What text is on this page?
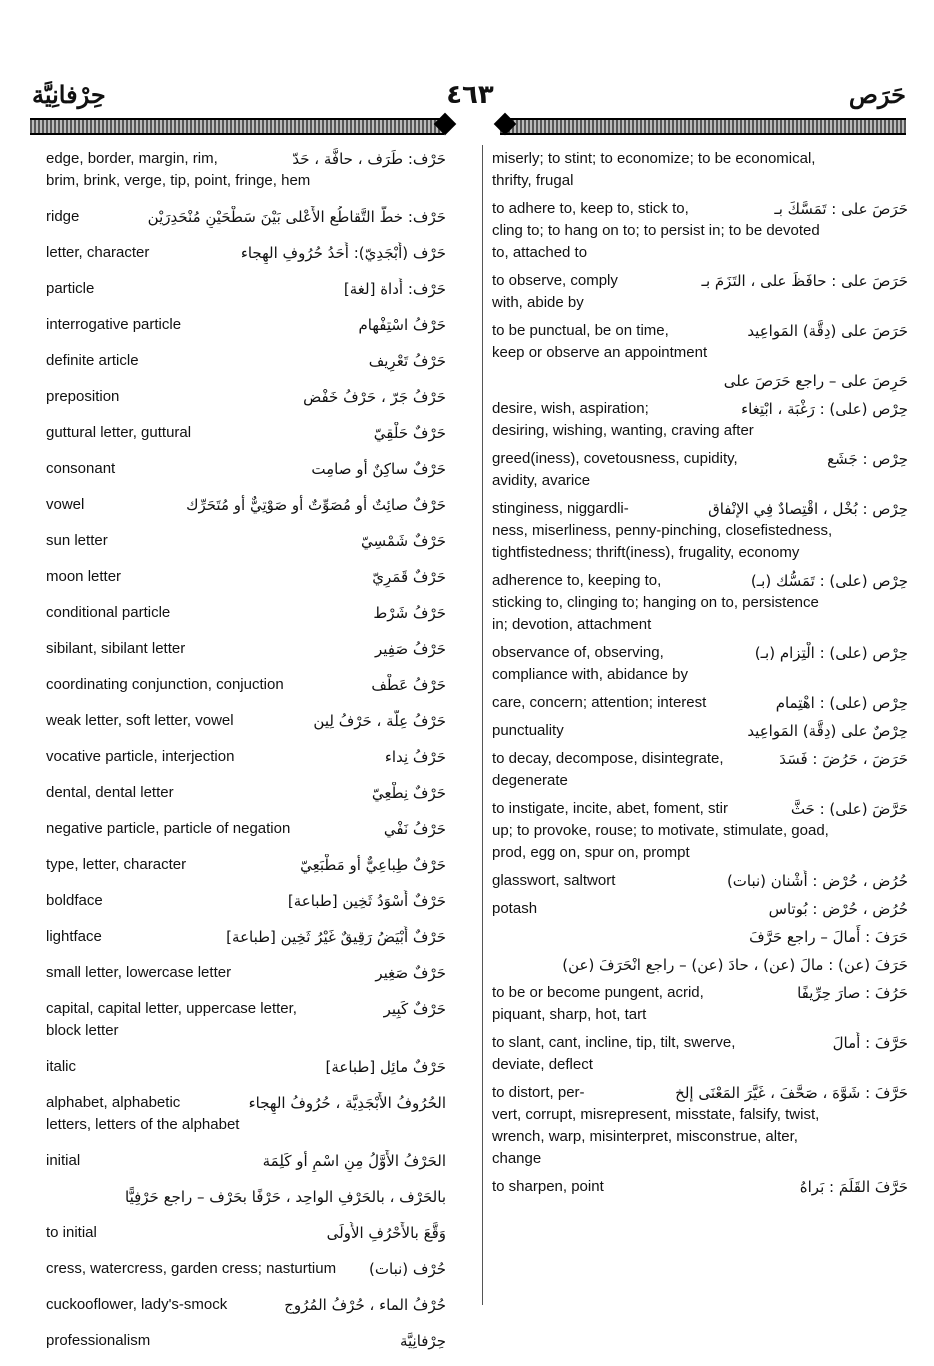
حَرَص
٤٦٣
حِرْفانِيَّة
حَرْف: طَرَف ، حافَّة ، حَدّ
edge, border, margin, rim,
brim, brink, verge, tip, point, fringe, hem
حَرْف: خطُّ التَّقاطُع الأَعْلى بَيْنَ سَطْحَيْنِ مُنْحَدِرَيْن
ridge
حَرْف (أَبْجَدِيّ): أَحَدُ حُرُوفِ الهِجاء
letter, character
حَرْف: أَداة [لغة]
particle
حَرْفُ اسْتِفْهام
interrogative particle
حَرْفُ تَعْرِيف
definite article
حَرْفُ جَرّ ، حَرْفُ خَفْض
preposition
حَرْفٌ حَلْقِيّ
guttural letter, guttural
حَرْفٌ ساكِنٌ أو صامِت
consonant
حَرْفٌ صائِتٌ أو مُصَوِّتٌ أو صَوْتِيٌّ أو مُتَحَرِّك
vowel
حَرْفٌ شَمْسِيّ
sun letter
حَرْفٌ قَمَرِيّ
moon letter
حَرْفُ شَرْط
conditional particle
حَرْفُ صَفِير
sibilant, sibilant letter
حَرْفُ عَطْف
coordinating conjunction, conjuction
حَرْفُ عِلَّة ، حَرْفُ لِين
weak letter, soft letter, vowel
حَرْفُ نِداء
vocative particle, interjection
حَرْفٌ نِطْعِيّ
dental, dental letter
حَرْفُ نَفْي
negative particle, particle of negation
حَرْفٌ طِباعِيٌّ أو مَطْبَعِيّ
type, letter, character
حَرْفٌ أَسْوَدُ ثَخِين [طباعة]
boldface
حَرْفٌ أَبْيَضُ رَقِيقٌ غَيْرُ ثَخِين [طباعة]
lightface
حَرْفٌ صَغِير
small letter, lowercase letter
حَرْفٌ كَبِير
capital, capital letter, uppercase letter,
block letter
حَرْفٌ مائِل [طباعة]
italic
الحُرُوفُ الأَبْجَدِيَّة ، حُرُوفُ الهِجاء
alphabet, alphabetic
letters, letters of the alphabet
الحَرْفُ الأَوَّلُ مِنِ اسْمٍ أو كَلِمَة
initial
بالحَرْف ، بالحَرْفِ الواحِد ، حَرْفًا بحَرْف – راجع حَرْفِيًّا
وَقَّعَ بالأَحْرُفِ الأُولَى
to initial
حُرْف (نبات)
cress, watercress, garden cress; nasturtium
حُرْفُ الماء ، حُرْفُ المُرُوج
cuckooflower, lady's-smock
حِرْفانِيَّة
professionalism
miserly; to stint; to economize; to be economical,
thrifty, frugal
حَرَصَ على : تَمَسَّكَ بـ
to adhere to, keep to, stick to,
cling to; to hang on to; to persist in; to be devoted
to, attached to
حَرَصَ على : حافَظَ على ، التَزَمَ بـ
to observe, comply
with, abide by
حَرَصَ على (دِقَّة) المَواعِيد
to be punctual, be on time,
keep or observe an appointment
حَرِصَ على – راجع حَرَصَ على
حِرْص (على) : رَغْبَة ، ابْتِغاء
desire, wish, aspiration;
desiring, wishing, wanting, craving after
حِرْص : جَشَع
greed(iness), covetousness, cupidity,
avidity, avarice
حِرْص : بُخْل ، اقْتِصادٌ فِي الإنْفاق
stinginess, niggardli-
ness, miserliness, penny-pinching, closefistedness,
tightfistedness; thrift(iness), frugality, economy
حِرْص (على) : تَمَسُّك (بـ)
adherence to, keeping to,
sticking to, clinging to; hanging on to, persistence
in; devotion, attachment
حِرْص (على) : الْتِزام (بـ)
observance of, observing,
compliance with, abidance by
حِرْص (على) : اهْتِمام
care, concern; attention; interest
حِرْصٌ على (دِقَّة) المَواعِيد
punctuality
حَرَضَ ، حَرُضَ : فَسَدَ
to decay, decompose, disintegrate,
degenerate
حَرَّضَ (على) : حَثَّ
to instigate, incite, abet, foment, stir
up; to provoke, rouse; to motivate, stimulate, goad,
prod, egg on, spur on, prompt
حُرُض ، حُرْض : أُشْنان (نبات)
glasswort, saltwort
حُرُض ، حُرْض : بُوتاس
potash
حَرَفَ : أَمالَ – راجع حَرَّفَ
حَرَفَ (عن) : مالَ (عن) ، حادَ (عن) – راجع انْحَرَفَ (عن)
حَرُفَ : صارَ حِرِّيفًا
to be or become pungent, acrid,
piquant, sharp, hot, tart
حَرَّفَ : أَمالَ
to slant, cant, incline, tip, tilt, swerve,
deviate, deflect
حَرَّفَ : شَوَّهَ ، صَحَّفَ ، غَيَّرَ المَعْنَى إلخ
to distort, per-
vert, corrupt, misrepresent, misstate, falsify, twist,
wrench, warp, misinterpret, misconstrue, alter,
change
حَرَّفَ القَلَمَ : بَراهُ
to sharpen, point
